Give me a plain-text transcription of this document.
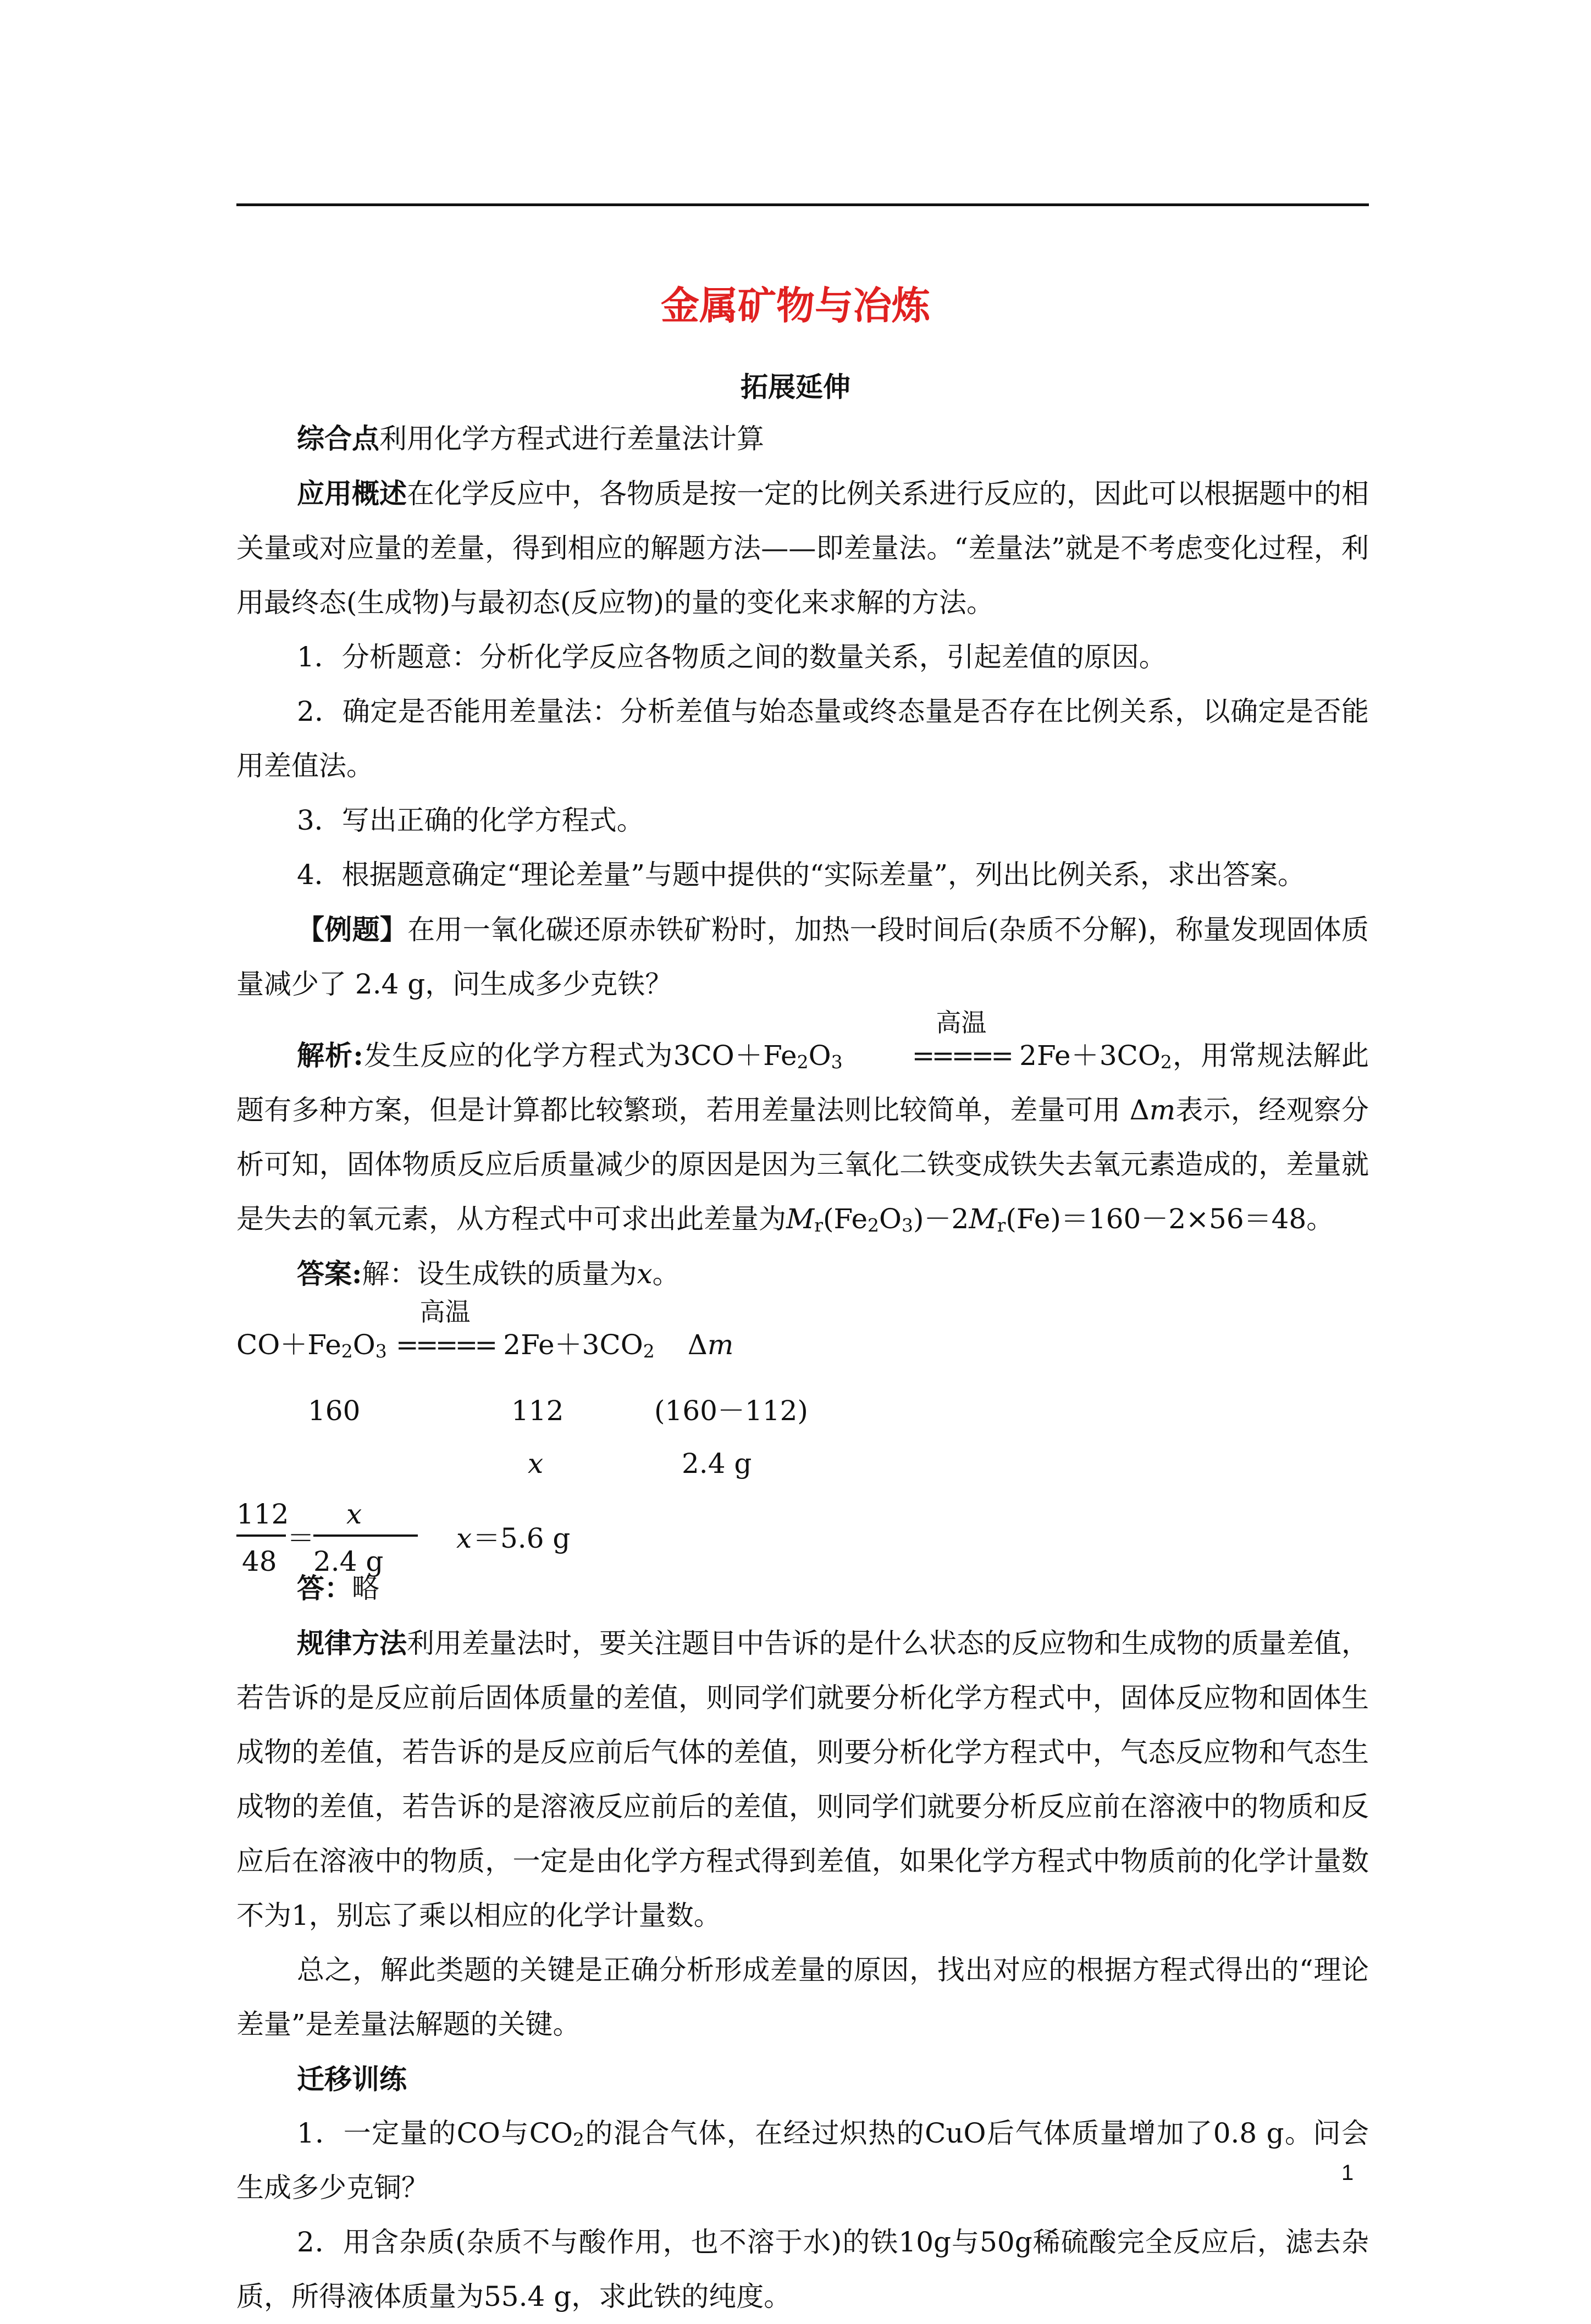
金属矿物与冶炼
拓展延伸

综合点利用化学方程式进行差量法计算

应用概述在化学反应中，各物质是按一定的比例关系进行反应的，因此可以根据题中的相关量或对应量的差量，得到相应的解题方法——即差量法。“差量法”就是不考虑变化过程，利用最终态(生成物)与最初态(反应物)的量的变化来求解的方法。

1．分析题意：分析化学反应各物质之间的数量关系，引起差值的原因。

2．确定是否能用差量法：分析差值与始态量或终态量是否存在比例关系，以确定是否能用差值法。

3．写出正确的化学方程式。

4．根据题意确定“理论差量”与题中提供的“实际差量”，列出比例关系，求出答案。

【例题】在用一氧化碳还原赤铁矿粉时，加热一段时间后(杂质不分解)，称量发现固体质量减少了 2.4 g，问生成多少克铁？

解析:发生反应的化学方程式为3CO＋Fe2O3
高温
===== 2Fe＋3CO2，用常规法解此题有多种方案，但是计算都比较繁琐，若用差量法则比较简单，差量可用 Δm表示，经观察分析可知，固体物质反应后质量减少的原因是因为三氧化二铁变成铁失去氧元素造成的，差量就是失去的氧元素，从方程式中可求出此差量为Mr(Fe2O3)－2Mr(Fe)＝160－2×56＝48。

答案:解：设生成铁的质量为x。

CO＋Fe2O3
高温
===== 2Fe＋3CO2 Δm
160	112	(160－112)
x	2.4 g
112
48
＝
x
2.4 g
x ＝5.6 g

答：略

规律方法利用差量法时，要关注题目中告诉的是什么状态的反应物和生成物的质量差值，若告诉的是反应前后固体质量的差值，则同学们就要分析化学方程式中，固体反应物和固体生成物的差值，若告诉的是反应前后气体的差值，则要分析化学方程式中，气态反应物和气态生成物的差值，若告诉的是溶液反应前后的差值，则同学们就要分析反应前在溶液中的物质和反应后在溶液中的物质，一定是由化学方程式得到差值，如果化学方程式中物质前的化学计量数不为1，别忘了乘以相应的化学计量数。

总之，解此类题的关键是正确分析形成差量的原因，找出对应的根据方程式得出的“理论差量”是差量法解题的关键。

迁移训练

1．一定量的CO与CO2的混合气体，在经过炽热的CuO后气体质量增加了0.8 g。问会生成多少克铜？

2．用含杂质(杂质不与酸作用，也不溶于水)的铁10g与50g稀硫酸完全反应后，滤去杂质，所得液体质量为55.4 g，求此铁的纯度。

1
